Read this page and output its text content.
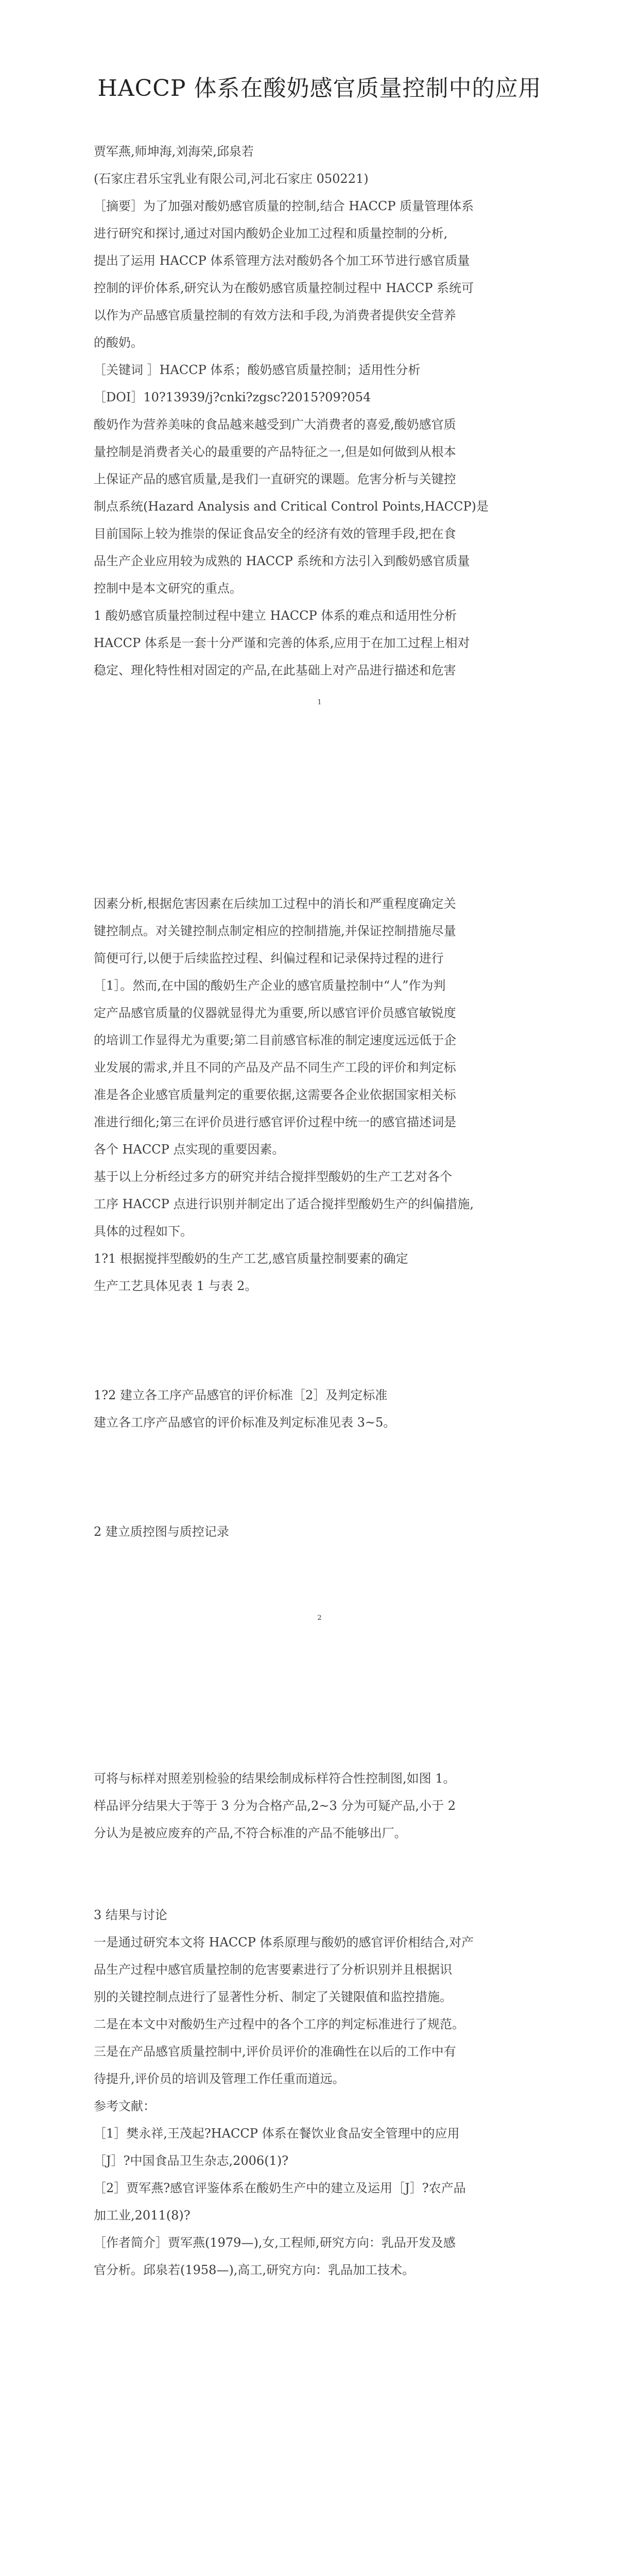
HACCP 体系在酸奶感官质量控制中的应用
贾军燕,师坤海,刘海荣,邱泉若
(石家庄君乐宝乳业有限公司,河北石家庄 050221)
［摘要］为了加强对酸奶感官质量的控制,结合 HACCP 质量管理体系
进行研究和探讨,通过对国内酸奶企业加工过程和质量控制的分析,
提出了运用 HACCP 体系管理方法对酸奶各个加工环节进行感官质量
控制的评价体系,研究认为在酸奶感官质量控制过程中 HACCP 系统可
以作为产品感官质量控制的有效方法和手段,为消费者提供安全营养
的酸奶。
［关键词 ］HACCP 体系；酸奶感官质量控制；适用性分析
［DOI］10?13939/j?cnki?zgsc?2015?09?054
酸奶作为营养美味的食品越来越受到广大消费者的喜爱,酸奶感官质
量控制是消费者关心的最重要的产品特征之一,但是如何做到从根本
上保证产品的感官质量,是我们一直研究的课题。危害分析与关键控
制点系统(Hazard Analysis and Critical Control Points,HACCP)是
目前国际上较为推崇的保证食品安全的经济有效的管理手段,把在食
品生产企业应用较为成熟的 HACCP 系统和方法引入到酸奶感官质量
控制中是本文研究的重点。
1 酸奶感官质量控制过程中建立 HACCP 体系的难点和适用性分析
HACCP 体系是一套十分严谨和完善的体系,应用于在加工过程上相对
稳定、理化特性相对固定的产品,在此基础上对产品进行描述和危害
1
因素分析,根据危害因素在后续加工过程中的消长和严重程度确定关
键控制点。对关键控制点制定相应的控制措施,并保证控制措施尽量
简便可行,以便于后续监控过程、纠偏过程和记录保持过程的进行
［1］。然而,在中国的酸奶生产企业的感官质量控制中“人”作为判
定产品感官质量的仪器就显得尤为重要,所以感官评价员感官敏锐度
的培训工作显得尤为重要;第二目前感官标准的制定速度远远低于企
业发展的需求,并且不同的产品及产品不同生产工段的评价和判定标
准是各企业感官质量判定的重要依据,这需要各企业依据国家相关标
准进行细化;第三在评价员进行感官评价过程中统一的感官描述词是
各个 HACCP 点实现的重要因素。
基于以上分析经过多方的研究并结合搅拌型酸奶的生产工艺对各个
工序 HACCP 点进行识别并制定出了适合搅拌型酸奶生产的纠偏措施,
具体的过程如下。
1?1 根据搅拌型酸奶的生产工艺,感官质量控制要素的确定
生产工艺具体见表 1 与表 2。
1?2 建立各工序产品感官的评价标准［2］及判定标准
建立各工序产品感官的评价标准及判定标准见表 3~5。
2 建立质控图与质控记录
2
可将与标样对照差别检验的结果绘制成标样符合性控制图,如图 1。
样品评分结果大于等于 3 分为合格产品,2~3 分为可疑产品,小于 2
分认为是被应废弃的产品,不符合标准的产品不能够出厂。
3 结果与讨论
一是通过研究本文将 HACCP 体系原理与酸奶的感官评价相结合,对产
品生产过程中感官质量控制的危害要素进行了分析识别并且根据识
别的关键控制点进行了显著性分析、制定了关键限值和监控措施。
二是在本文中对酸奶生产过程中的各个工序的判定标准进行了规范。
三是在产品感官质量控制中,评价员评价的准确性在以后的工作中有
待提升,评价员的培训及管理工作任重而道远。
参考文献：
［1］樊永祥,王茂起?HACCP 体系在餐饮业食品安全管理中的应用
［J］?中国食品卫生杂志,2006(1)?
［2］贾军燕?感官评鉴体系在酸奶生产中的建立及运用［J］?农产品
加工业,2011(8)?
［作者简介］贾军燕(1979—),女,工程师,研究方向：乳品开发及感
官分析。邱泉若(1958—),高工,研究方向：乳品加工技术。
